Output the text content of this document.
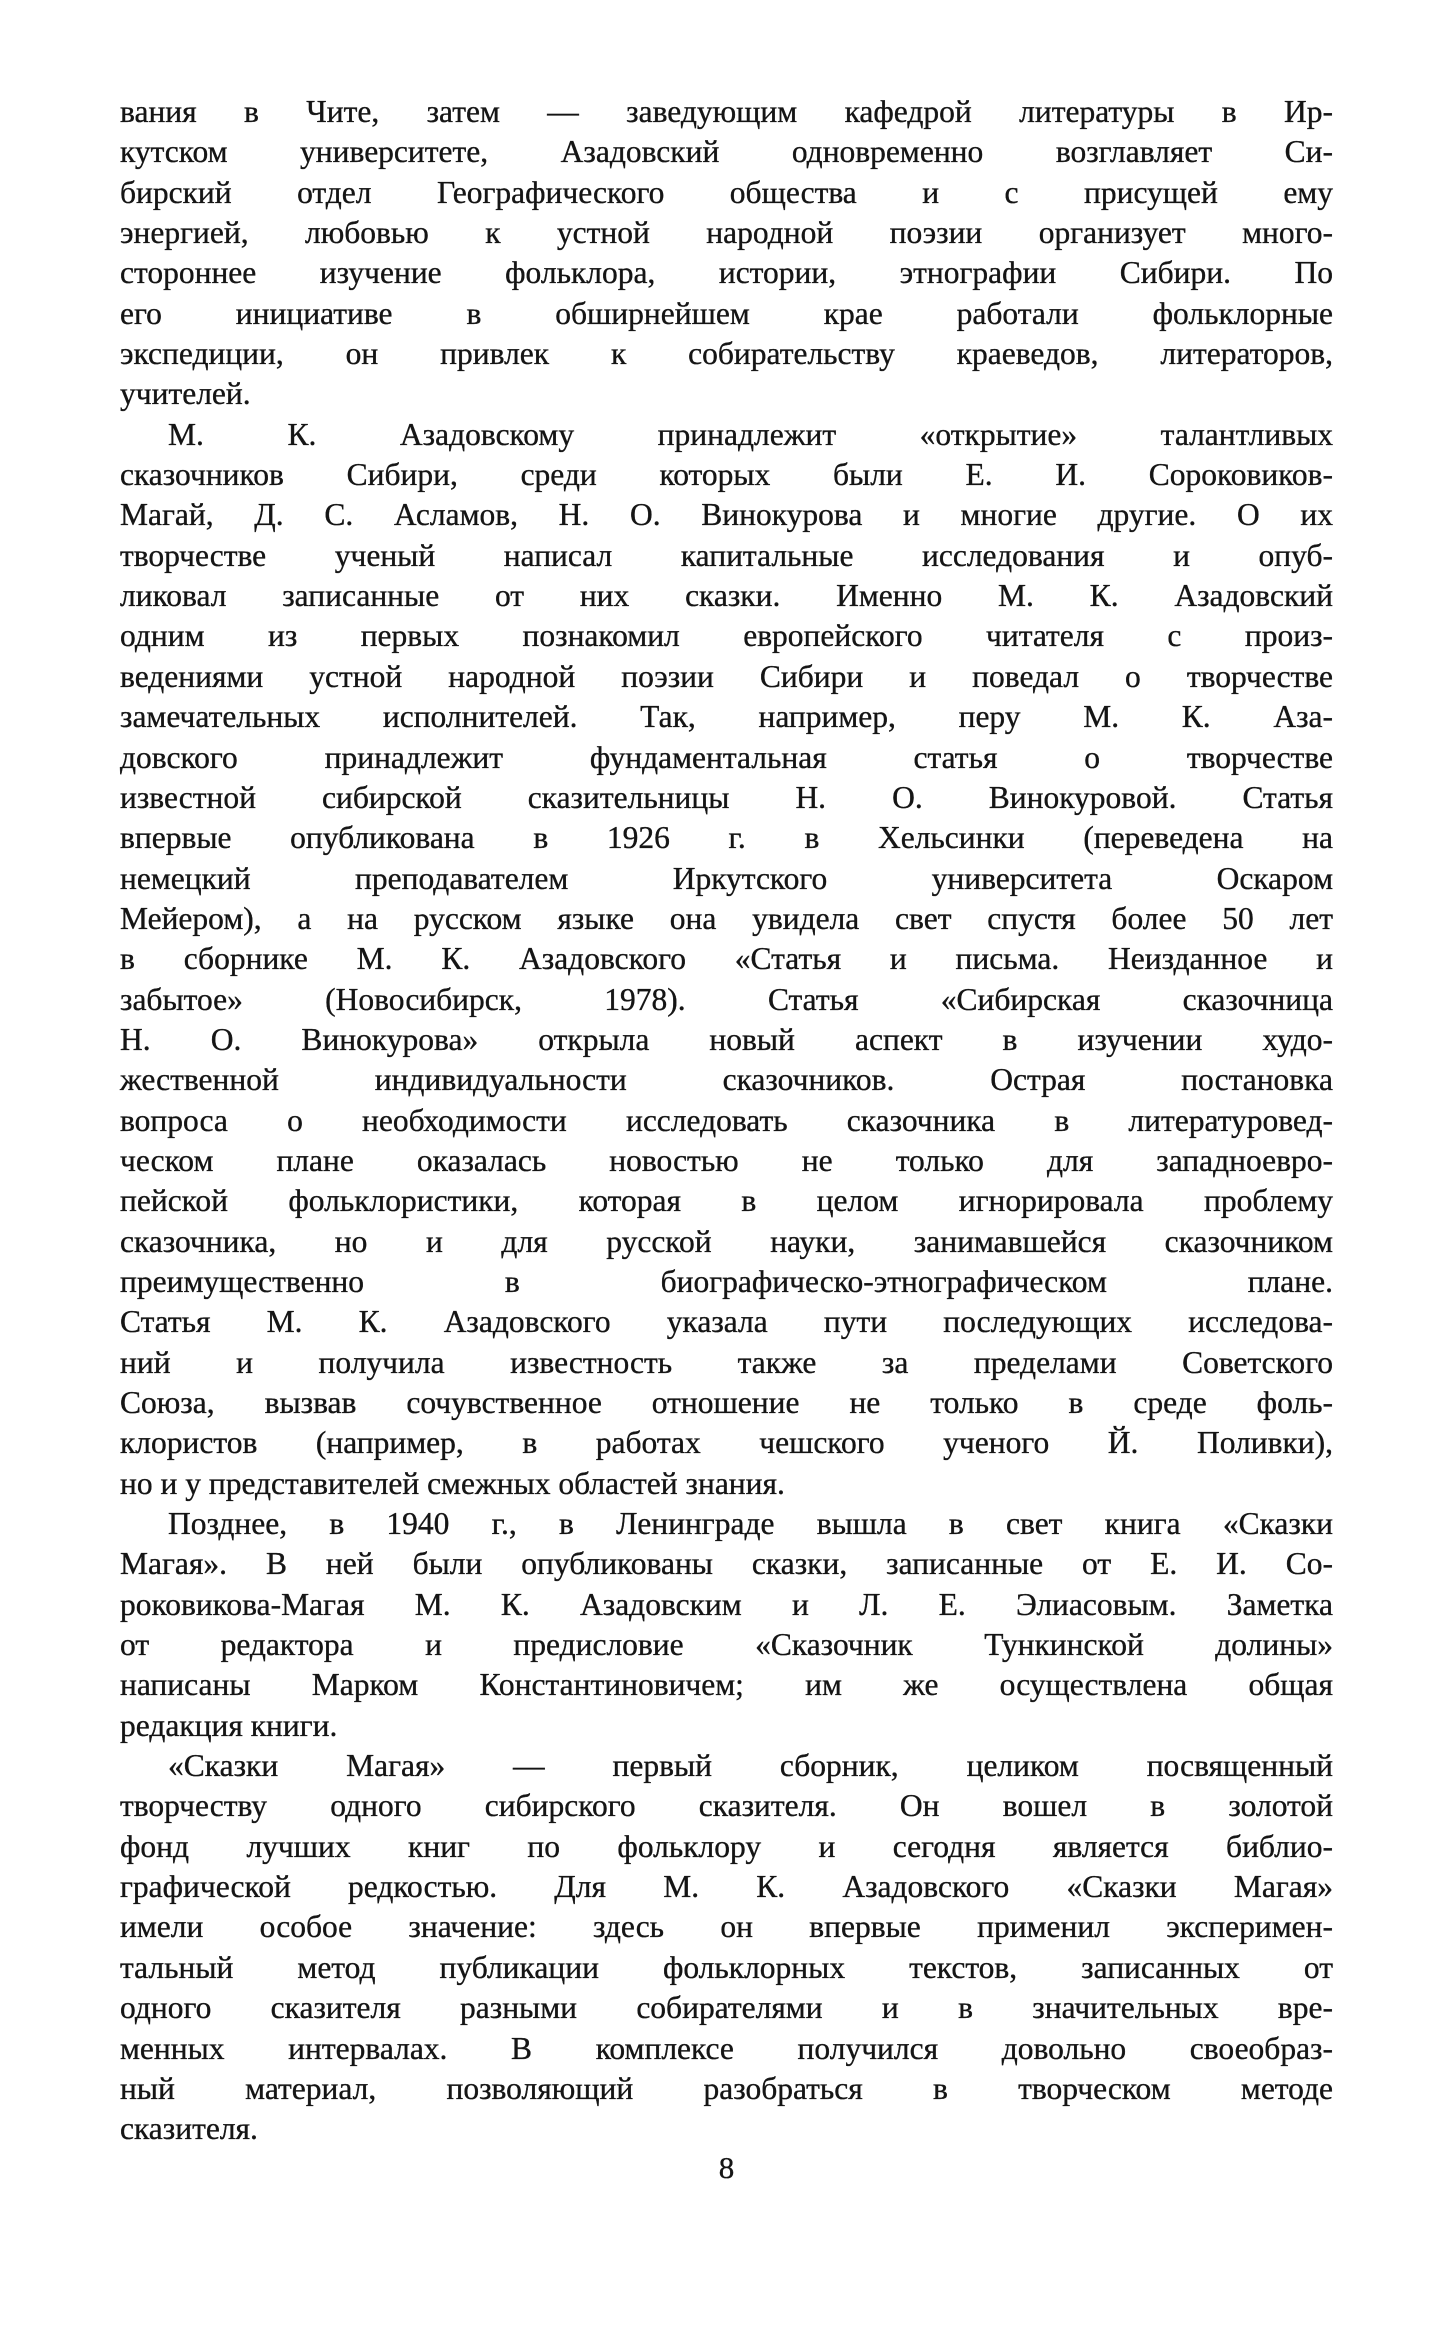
вания в Чите, затем — заведующим кафедрой литературы в Ир-
кутском университете, Азадовский одновременно возглавляет Си-
бирский отдел Географического общества и с присущей ему
энергией, любовью к устной народной поэзии организует много-
стороннее изучение фольклора, истории, этнографии Сибири. По
его инициативе в обширнейшем крае работали фольклорные
экспедиции, он привлек к собирательству краеведов, литераторов,
учителей.
М. К. Азадовскому принадлежит «открытие» талантливых
сказочников Сибири, среди которых были Е. И. Сороковиков-
Магай, Д. С. Асламов, Н. О. Винокурова и многие другие. О их
творчестве ученый написал капитальные исследования и опуб-
ликовал записанные от них сказки. Именно М. К. Азадовский
одним из первых познакомил европейского читателя с произ-
ведениями устной народной поэзии Сибири и поведал о творчестве
замечательных исполнителей. Так, например, перу М. К. Аза-
довского принадлежит фундаментальная статья о творчестве
известной сибирской сказительницы Н. О. Винокуровой. Статья
впервые опубликована в 1926 г. в Хельсинки (переведена на
немецкий преподавателем Иркутского университета Оскаром
Мейером), а на русском языке она увидела свет спустя более 50 лет
в сборнике М. К. Азадовского «Статья и письма. Неизданное и
забытое» (Новосибирск, 1978). Статья «Сибирская сказочница
Н. О. Винокурова» открыла новый аспект в изучении худо-
жественной индивидуальности сказочников. Острая постановка
вопроса о необходимости исследовать сказочника в литературовед-
ческом плане оказалась новостью не только для западноевро-
пейской фольклористики, которая в целом игнорировала проблему
сказочника, но и для русской науки, занимавшейся сказочником
преимущественно в биографическо-этнографическом плане.
Статья М. К. Азадовского указала пути последующих исследова-
ний и получила известность также за пределами Советского
Союза, вызвав сочувственное отношение не только в среде фоль-
клористов (например, в работах чешского ученого Й. Поливки),
но и у представителей смежных областей знания.
Позднее, в 1940 г., в Ленинграде вышла в свет книга «Сказки
Магая». В ней были опубликованы сказки, записанные от Е. И. Со-
роковикова-Магая М. К. Азадовским и Л. Е. Элиасовым. Заметка
от редактора и предисловие «Сказочник Тункинской долины»
написаны Марком Константиновичем; им же осуществлена общая
редакция книги.
«Сказки Магая» — первый сборник, целиком посвященный
творчеству одного сибирского сказителя. Он вошел в золотой
фонд лучших книг по фольклору и сегодня является библио-
графической редкостью. Для М. К. Азадовского «Сказки Магая»
имели особое значение: здесь он впервые применил эксперимен-
тальный метод публикации фольклорных текстов, записанных от
одного сказителя разными собирателями и в значительных вре-
менных интервалах. В комплексе получился довольно своеобраз-
ный материал, позволяющий разобраться в творческом методе
сказителя.
8
